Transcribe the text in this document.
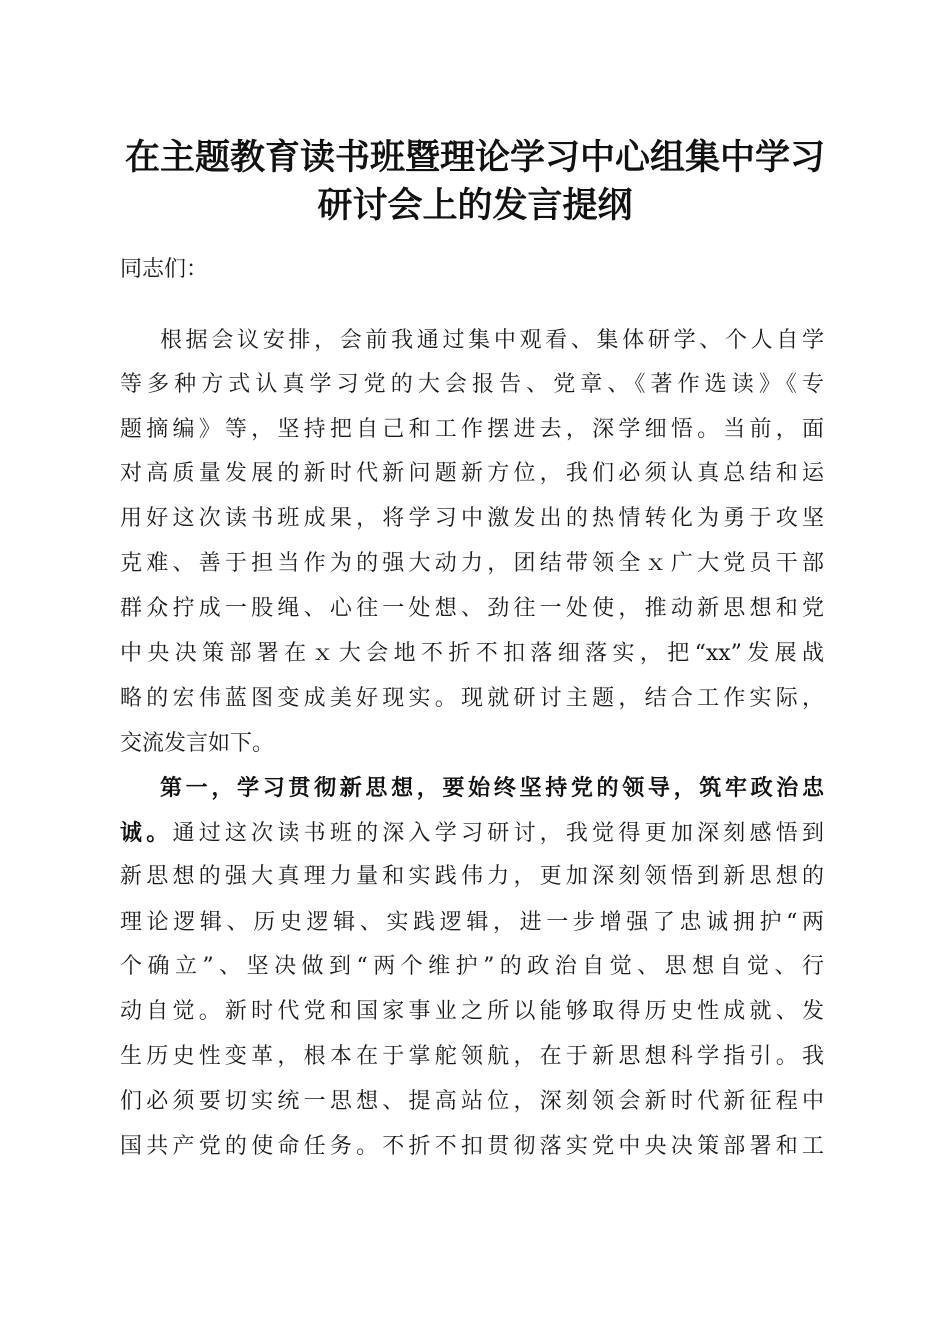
在主题教育读书班暨理论学习中心组集中学习
研讨会上的发言提纲
同志们：
根据会议安排，会前我通过集中观看、集体研学、个人自学
等多种方式认真学习党的大会报告、党章、《著作选读》《专
题摘编》等，坚持把自己和工作摆进去，深学细悟。当前，面
对高质量发展的新时代新问题新方位，我们必须认真总结和运
用好这次读书班成果，将学习中激发出的热情转化为勇于攻坚
克难、善于担当作为的强大动力，团结带领全ｘ广大党员干部
群众拧成一股绳、心往一处想、劲往一处使，推动新思想和党
中央决策部署在ｘ大会地不折不扣落细落实，把“xx”发展战
略的宏伟蓝图变成美好现实。现就研讨主题，结合工作实际，
交流发言如下。
第一，学习贯彻新思想，要始终坚持党的领导，筑牢政治忠
诚。通过这次读书班的深入学习研讨，我觉得更加深刻感悟到
新思想的强大真理力量和实践伟力，更加深刻领悟到新思想的
理论逻辑、历史逻辑、实践逻辑，进一步增强了忠诚拥护“两
个确立”、坚决做到“两个维护”的政治自觉、思想自觉、行
动自觉。新时代党和国家事业之所以能够取得历史性成就、发
生历史性变革，根本在于掌舵领航，在于新思想科学指引。我
们必须要切实统一思想、提高站位，深刻领会新时代新征程中
国共产党的使命任务。不折不扣贯彻落实党中央决策部署和工
